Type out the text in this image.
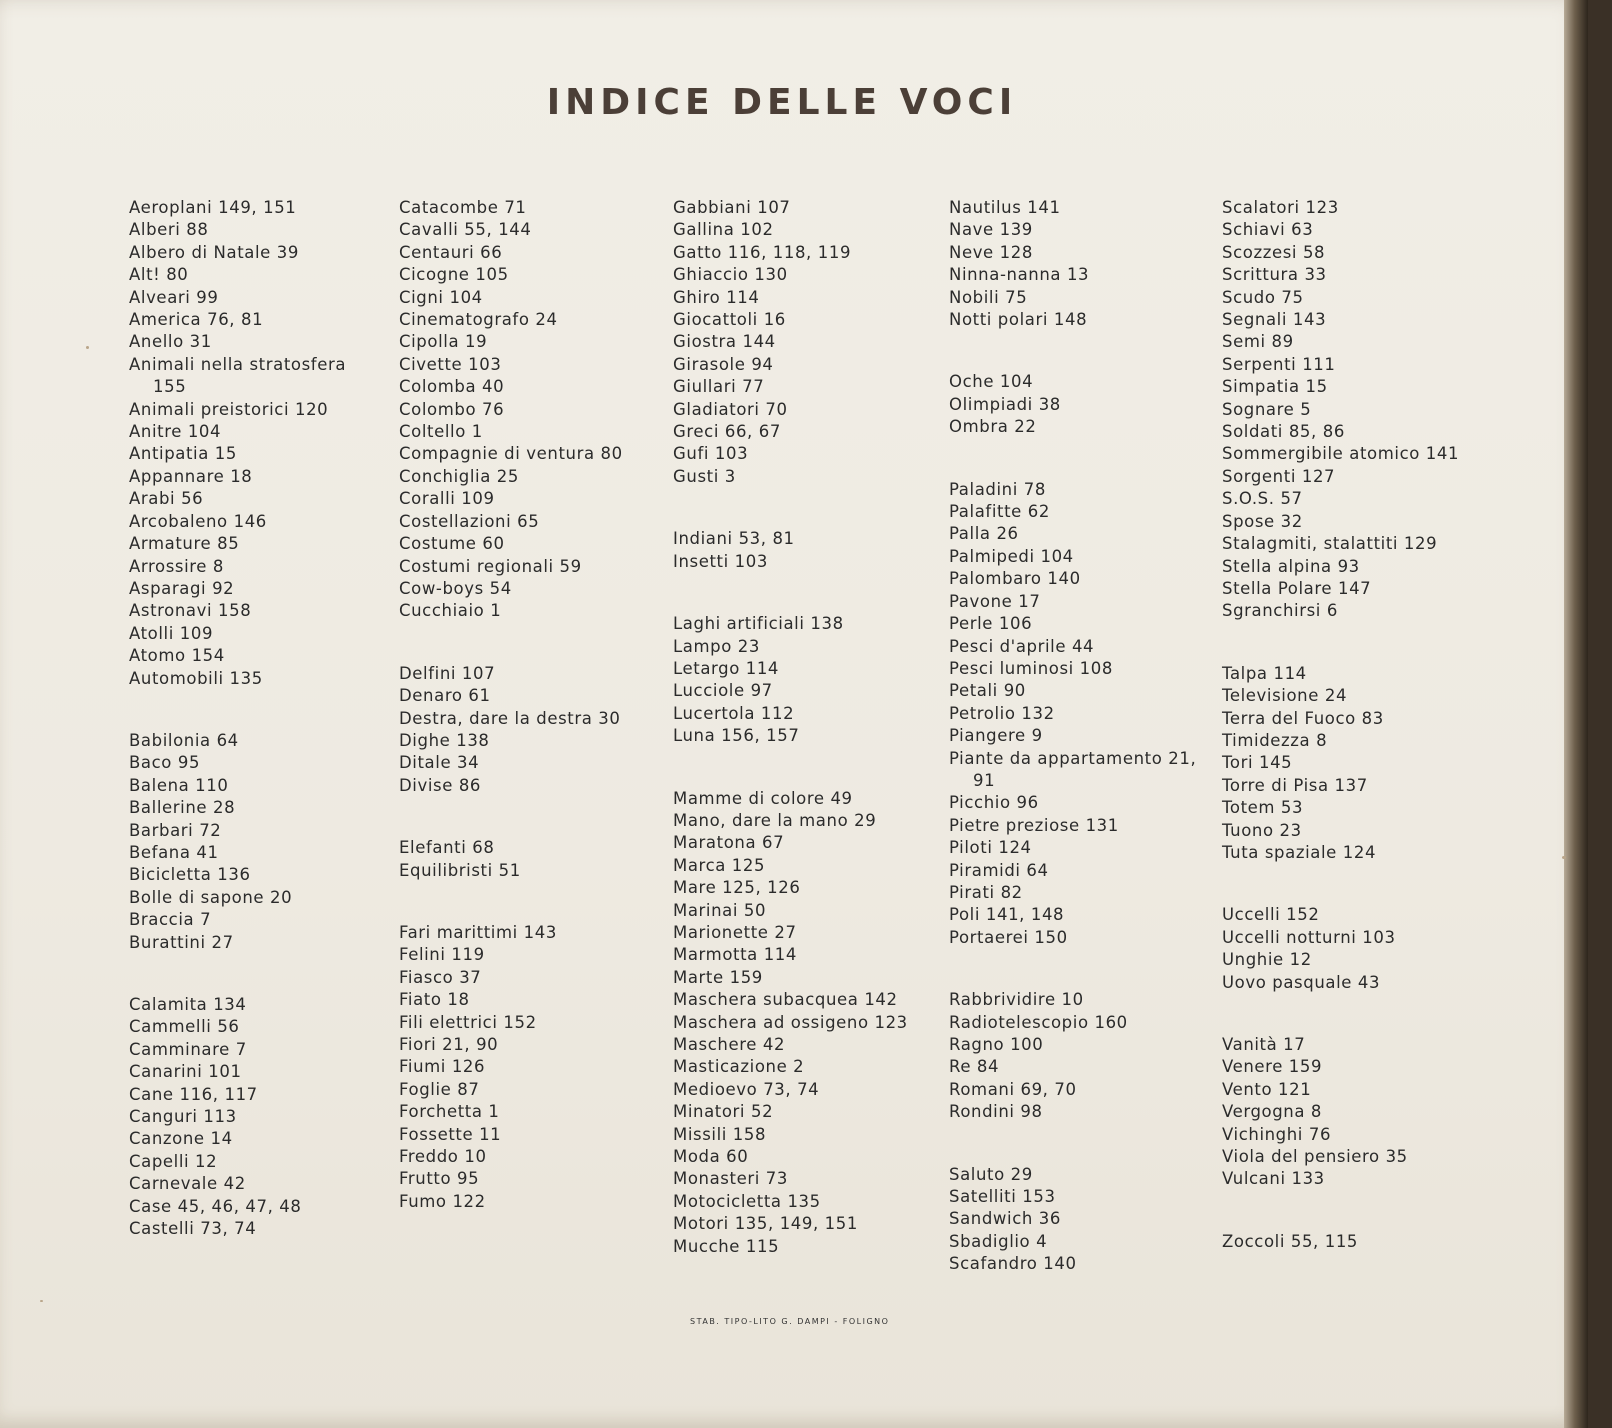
INDICE DELLE VOCI
Aeroplani 149, 151
Alberi 88
Albero di Natale 39
Alt! 80
Alveari 99
America 76, 81
Anello 31
Animali nella stratosfera
155
Animali preistorici 120
Anitre 104
Antipatia 15
Appannare 18
Arabi 56
Arcobaleno 146
Armature 85
Arrossire 8
Asparagi 92
Astronavi 158
Atolli 109
Atomo 154
Automobili 135
Babilonia 64
Baco 95
Balena 110
Ballerine 28
Barbari 72
Befana 41
Bicicletta 136
Bolle di sapone 20
Braccia 7
Burattini 27
Calamita 134
Cammelli 56
Camminare 7
Canarini 101
Cane 116, 117
Canguri 113
Canzone 14
Capelli 12
Carnevale 42
Case 45, 46, 47, 48
Castelli 73, 74
Catacombe 71
Cavalli 55, 144
Centauri 66
Cicogne 105
Cigni 104
Cinematografo 24
Cipolla 19
Civette 103
Colomba 40
Colombo 76
Coltello 1
Compagnie di ventura 80
Conchiglia 25
Coralli 109
Costellazioni 65
Costume 60
Costumi regionali 59
Cow-boys 54
Cucchiaio 1
Delfini 107
Denaro 61
Destra, dare la destra 30
Dighe 138
Ditale 34
Divise 86
Elefanti 68
Equilibristi 51
Fari marittimi 143
Felini 119
Fiasco 37
Fiato 18
Fili elettrici 152
Fiori 21, 90
Fiumi 126
Foglie 87
Forchetta 1
Fossette 11
Freddo 10
Frutto 95
Fumo 122
Gabbiani 107
Gallina 102
Gatto 116, 118, 119
Ghiaccio 130
Ghiro 114
Giocattoli 16
Giostra 144
Girasole 94
Giullari 77
Gladiatori 70
Greci 66, 67
Gufi 103
Gusti 3
Indiani 53, 81
Insetti 103
Laghi artificiali 138
Lampo 23
Letargo 114
Lucciole 97
Lucertola 112
Luna 156, 157
Mamme di colore 49
Mano, dare la mano 29
Maratona 67
Marca 125
Mare 125, 126
Marinai 50
Marionette 27
Marmotta 114
Marte 159
Maschera subacquea 142
Maschera ad ossigeno 123
Maschere 42
Masticazione 2
Medioevo 73, 74
Minatori 52
Missili 158
Moda 60
Monasteri 73
Motocicletta 135
Motori 135, 149, 151
Mucche 115
Nautilus 141
Nave 139
Neve 128
Ninna-nanna 13
Nobili 75
Notti polari 148
Oche 104
Olimpiadi 38
Ombra 22
Paladini 78
Palafitte 62
Palla 26
Palmipedi 104
Palombaro 140
Pavone 17
Perle 106
Pesci d'aprile 44
Pesci luminosi 108
Petali 90
Petrolio 132
Piangere 9
Piante da appartamento 21,
91
Picchio 96
Pietre preziose 131
Piloti 124
Piramidi 64
Pirati 82
Poli 141, 148
Portaerei 150
Rabbrividire 10
Radiotelescopio 160
Ragno 100
Re 84
Romani 69, 70
Rondini 98
Saluto 29
Satelliti 153
Sandwich 36
Sbadiglio 4
Scafandro 140
Scalatori 123
Schiavi 63
Scozzesi 58
Scrittura 33
Scudo 75
Segnali 143
Semi 89
Serpenti 111
Simpatia 15
Sognare 5
Soldati 85, 86
Sommergibile atomico 141
Sorgenti 127
S.O.S. 57
Spose 32
Stalagmiti, stalattiti 129
Stella alpina 93
Stella Polare 147
Sgranchirsi 6
Talpa 114
Televisione 24
Terra del Fuoco 83
Timidezza 8
Tori 145
Torre di Pisa 137
Totem 53
Tuono 23
Tuta spaziale 124
Uccelli 152
Uccelli notturni 103
Unghie 12
Uovo pasquale 43
Vanità 17
Venere 159
Vento 121
Vergogna 8
Vichinghi 76
Viola del pensiero 35
Vulcani 133
Zoccoli 55, 115
STAB. TIPO-LITO G. DAMPI - FOLIGNO
